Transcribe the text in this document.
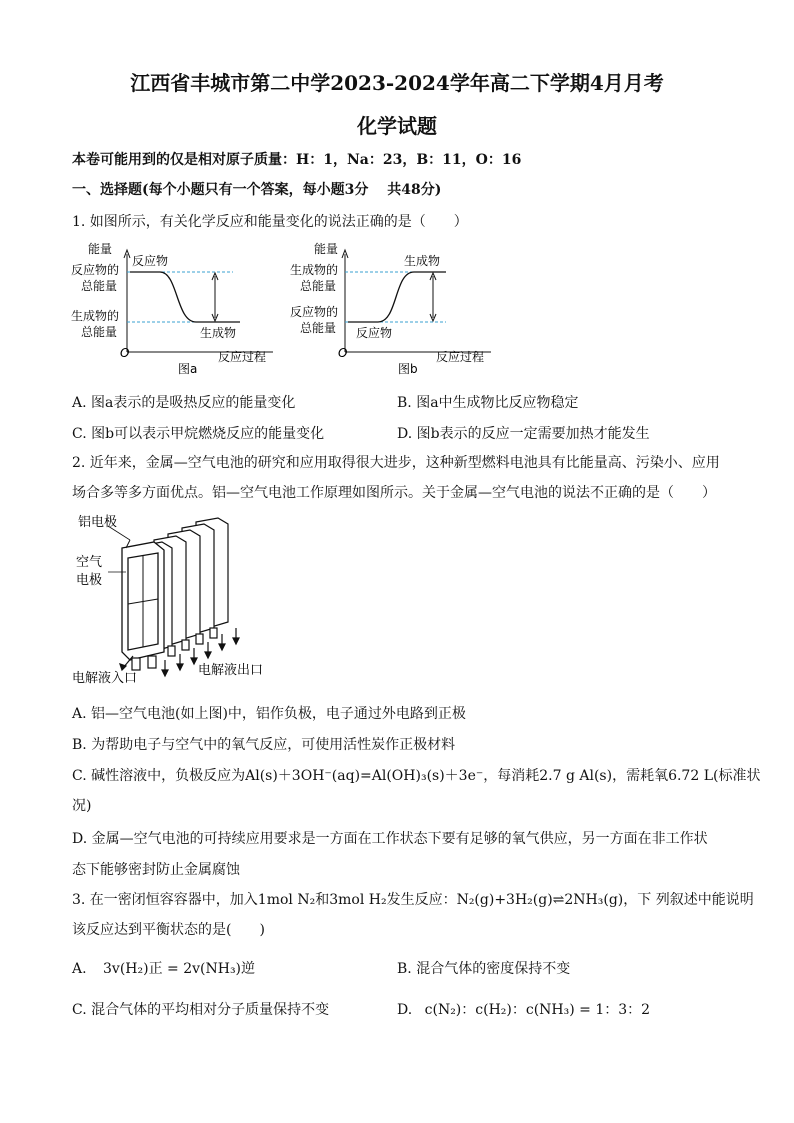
江西省丰城市第二中学2023-2024学年高二下学期4月月考
化学试题
本卷可能用到的仅是相对原子质量：H：1，Na：23，B：11，O：16
一、选择题(每个小题只有一个答案，每小题3分　 共48分)
1. 如图所示，有关化学反应和能量变化的说法正确的是（　　）
能量
反应物的
总能量
生成物的
总能量
反应物
生成物
O	反应过程
图a
能量
生成物的
总能量
反应物的
总能量 反应物
生成物
O	反应过程
图b
A. 图a表示的是吸热反应的能量变化	B. 图a中生成物比反应物稳定
C. 图b可以表示甲烷燃烧反应的能量变化	D. 图b表示的反应一定需要加热才能发生
2. 近年来，金属—空气电池的研究和应用取得很大进步，这种新型燃料电池具有比能量高、污染小、应用
场合多等多方面优点。铝—空气电池工作原理如图所示。关于金属—空气电池的说法不正确的是（　　）
铝电极
空气
电极
电解液入口
电解液出口
A. 铝—空气电池(如上图)中，铝作负极，电子通过外电路到正极
B. 为帮助电子与空气中的氧气反应，可使用活性炭作正极材料
C. 碱性溶液中，负极反应为Al(s)＋3OH⁻(aq)=Al(OH)₃(s)＋3e⁻，每消耗2.7 g Al(s)，需耗氧6.72 L(标准状
况)
D. 金属—空气电池的可持续应用要求是一方面在工作状态下要有足够的氧气供应，另一方面在非工作状
态下能够密封防止金属腐蚀
3. 在一密闭恒容容器中，加入1mol N₂和3mol H₂发生反应：N₂(g)+3H₂(g)⇌2NH₃(g)，下 列叙述中能说明
该反应达到平衡状态的是(　　)
A. 3v(H₂)正 = 2v(NH₃)逆	B. 混合气体的密度保持不变
C. 混合气体的平均相对分子质量保持不变	D. c(N₂)：c(H₂)：c(NH₃) = 1：3：2
